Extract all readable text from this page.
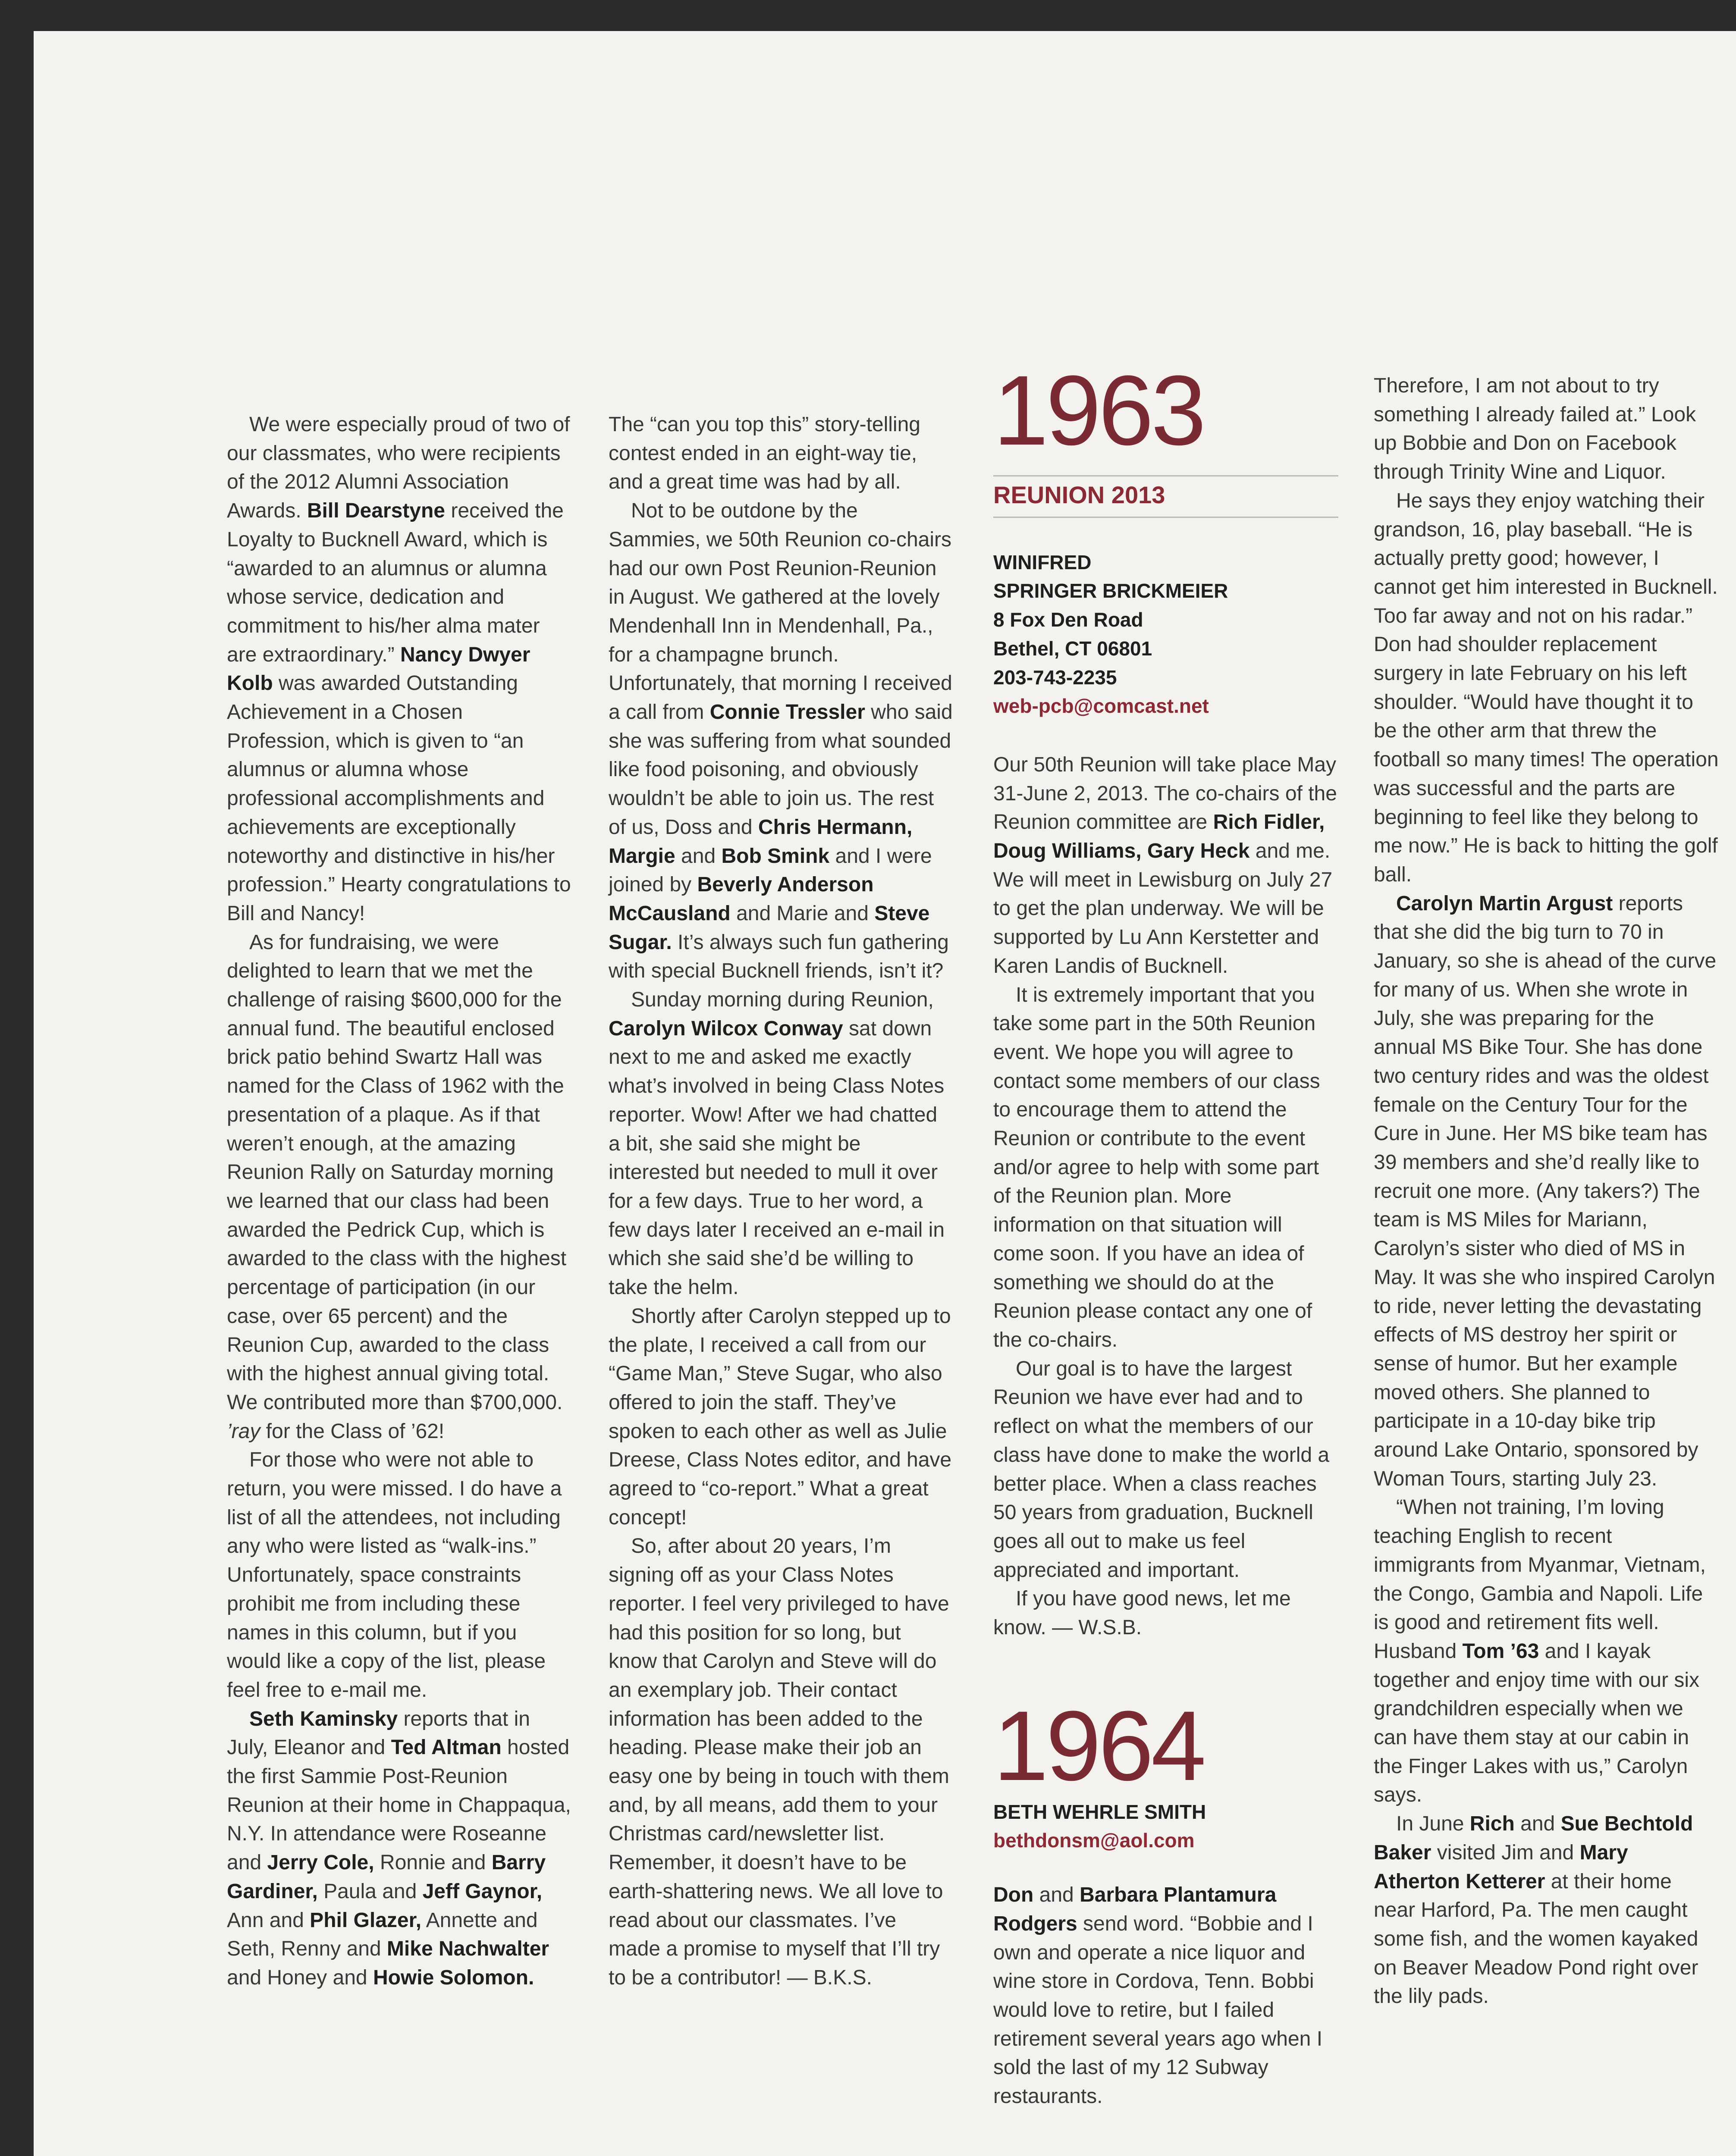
We were especially proud of two of our classmates, who were recipients of the 2012 Alumni Association Awards. Bill Dearstyne received the Loyalty to Bucknell Award, which is “awarded to an alumnus or alumna whose service, dedication and commitment to his/her alma mater are extraordinary.” Nancy Dwyer Kolb was awarded Outstanding Achievement in a Chosen Profession, which is given to “an alumnus or alumna whose professional accomplishments and achievements are exceptionally noteworthy and distinctive in his/her profession.” Hearty congratulations to Bill and Nancy!

As for fundraising, we were delighted to learn that we met the challenge of raising $600,000 for the annual fund. The beautiful enclosed brick patio behind Swartz Hall was named for the Class of 1962 with the presentation of a plaque. As if that weren’t enough, at the amazing Reunion Rally on Saturday morning we learned that our class had been awarded the Pedrick Cup, which is awarded to the class with the highest percentage of participation (in our case, over 65 percent) and the Reunion Cup, awarded to the class with the highest annual giving total. We contributed more than $700,000. ’ray for the Class of ’62!

For those who were not able to return, you were missed. I do have a list of all the attendees, not including any who were listed as “walk-ins.” Unfortunately, space constraints prohibit me from including these names in this column, but if you would like a copy of the list, please feel free to e-mail me.

Seth Kaminsky reports that in July, Eleanor and Ted Altman hosted the first Sammie Post-Reunion Reunion at their home in Chappaqua, N.Y. In attendance were Roseanne and Jerry Cole, Ronnie and Barry Gardiner, Paula and Jeff Gaynor, Ann and Phil Glazer, Annette and Seth, Renny and Mike Nachwalter and Honey and Howie Solomon.

The “can you top this” story-telling contest ended in an eight-way tie, and a great time was had by all.

Not to be outdone by the Sammies, we 50th Reunion co-chairs had our own Post Reunion-Reunion in August. We gathered at the lovely Mendenhall Inn in Mendenhall, Pa., for a champagne brunch. Unfortunately, that morning I received a call from Connie Tressler who said she was suffering from what sounded like food poisoning, and obviously wouldn’t be able to join us. The rest of us, Doss and Chris Hermann, Margie and Bob Smink and I were joined by Beverly Anderson McCausland and Marie and Steve Sugar. It’s always such fun gathering with special Bucknell friends, isn’t it?

Sunday morning during Reunion, Carolyn Wilcox Conway sat down next to me and asked me exactly what’s involved in being Class Notes reporter. Wow! After we had chatted a bit, she said she might be interested but needed to mull it over for a few days. True to her word, a few days later I received an e-mail in which she said she’d be willing to take the helm.

Shortly after Carolyn stepped up to the plate, I received a call from our “Game Man,” Steve Sugar, who also offered to join the staff. They’ve spoken to each other as well as Julie Dreese, Class Notes editor, and have agreed to “co-report.” What a great concept!

So, after about 20 years, I’m signing off as your Class Notes reporter. I feel very privileged to have had this position for so long, but know that Carolyn and Steve will do an exemplary job. Their contact information has been added to the heading. Please make their job an easy one by being in touch with them and, by all means, add them to your Christmas card/newsletter list. Remember, it doesn’t have to be earth-shattering news. We all love to read about our classmates. I’ve made a promise to myself that I’ll try to be a contributor! — B.K.S.

1963
REUNION 2013
WINIFRED
SPRINGER BRICKMEIER
8 Fox Den Road
Bethel, CT 06801
203-743-2235
web-pcb@comcast.net

Our 50th Reunion will take place May 31-June 2, 2013. The co-chairs of the Reunion committee are Rich Fidler, Doug Williams, Gary Heck and me. We will meet in Lewisburg on July 27 to get the plan underway. We will be supported by Lu Ann Kerstetter and Karen Landis of Bucknell.

It is extremely important that you take some part in the 50th Reunion event. We hope you will agree to contact some members of our class to encourage them to attend the Reunion or contribute to the event and/or agree to help with some part of the Reunion plan. More information on that situation will come soon. If you have an idea of something we should do at the Reunion please contact any one of the co-chairs.

Our goal is to have the largest Reunion we have ever had and to reflect on what the members of our class have done to make the world a better place. When a class reaches 50 years from graduation, Bucknell goes all out to make us feel appreciated and important.

If you have good news, let me know. — W.S.B.

1964
BETH WEHRLE SMITH
bethdonsm@aol.com

Don and Barbara Plantamura Rodgers send word. “Bobbie and I own and operate a nice liquor and wine store in Cordova, Tenn. Bobbi would love to retire, but I failed retirement several years ago when I sold the last of my 12 Subway restaurants.

Therefore, I am not about to try something I already failed at.” Look up Bobbie and Don on Facebook through Trinity Wine and Liquor.

He says they enjoy watching their grandson, 16, play baseball. “He is actually pretty good; however, I cannot get him interested in Bucknell. Too far away and not on his radar.” Don had shoulder replacement surgery in late February on his left shoulder. “Would have thought it to be the other arm that threw the football so many times! The operation was successful and the parts are beginning to feel like they belong to me now.” He is back to hitting the golf ball.

Carolyn Martin Argust reports that she did the big turn to 70 in January, so she is ahead of the curve for many of us. When she wrote in July, she was preparing for the annual MS Bike Tour. She has done two century rides and was the oldest female on the Century Tour for the Cure in June. Her MS bike team has 39 members and she’d really like to recruit one more. (Any takers?) The team is MS Miles for Mariann, Carolyn’s sister who died of MS in May. It was she who inspired Carolyn to ride, never letting the devastating effects of MS destroy her spirit or sense of humor. But her example moved others. She planned to participate in a 10-day bike trip around Lake Ontario, sponsored by Woman Tours, starting July 23.

“When not training, I’m loving teaching English to recent immigrants from Myanmar, Vietnam, the Congo, Gambia and Napoli. Life is good and retirement fits well. Husband Tom ’63 and I kayak together and enjoy time with our six grandchildren especially when we can have them stay at our cabin in the Finger Lakes with us,” Carolyn says.

In June Rich and Sue Bechtold Baker visited Jim and Mary Atherton Ketterer at their home near Harford, Pa. The men caught some fish, and the women kayaked on Beaver Meadow Pond right over the lily pads.
